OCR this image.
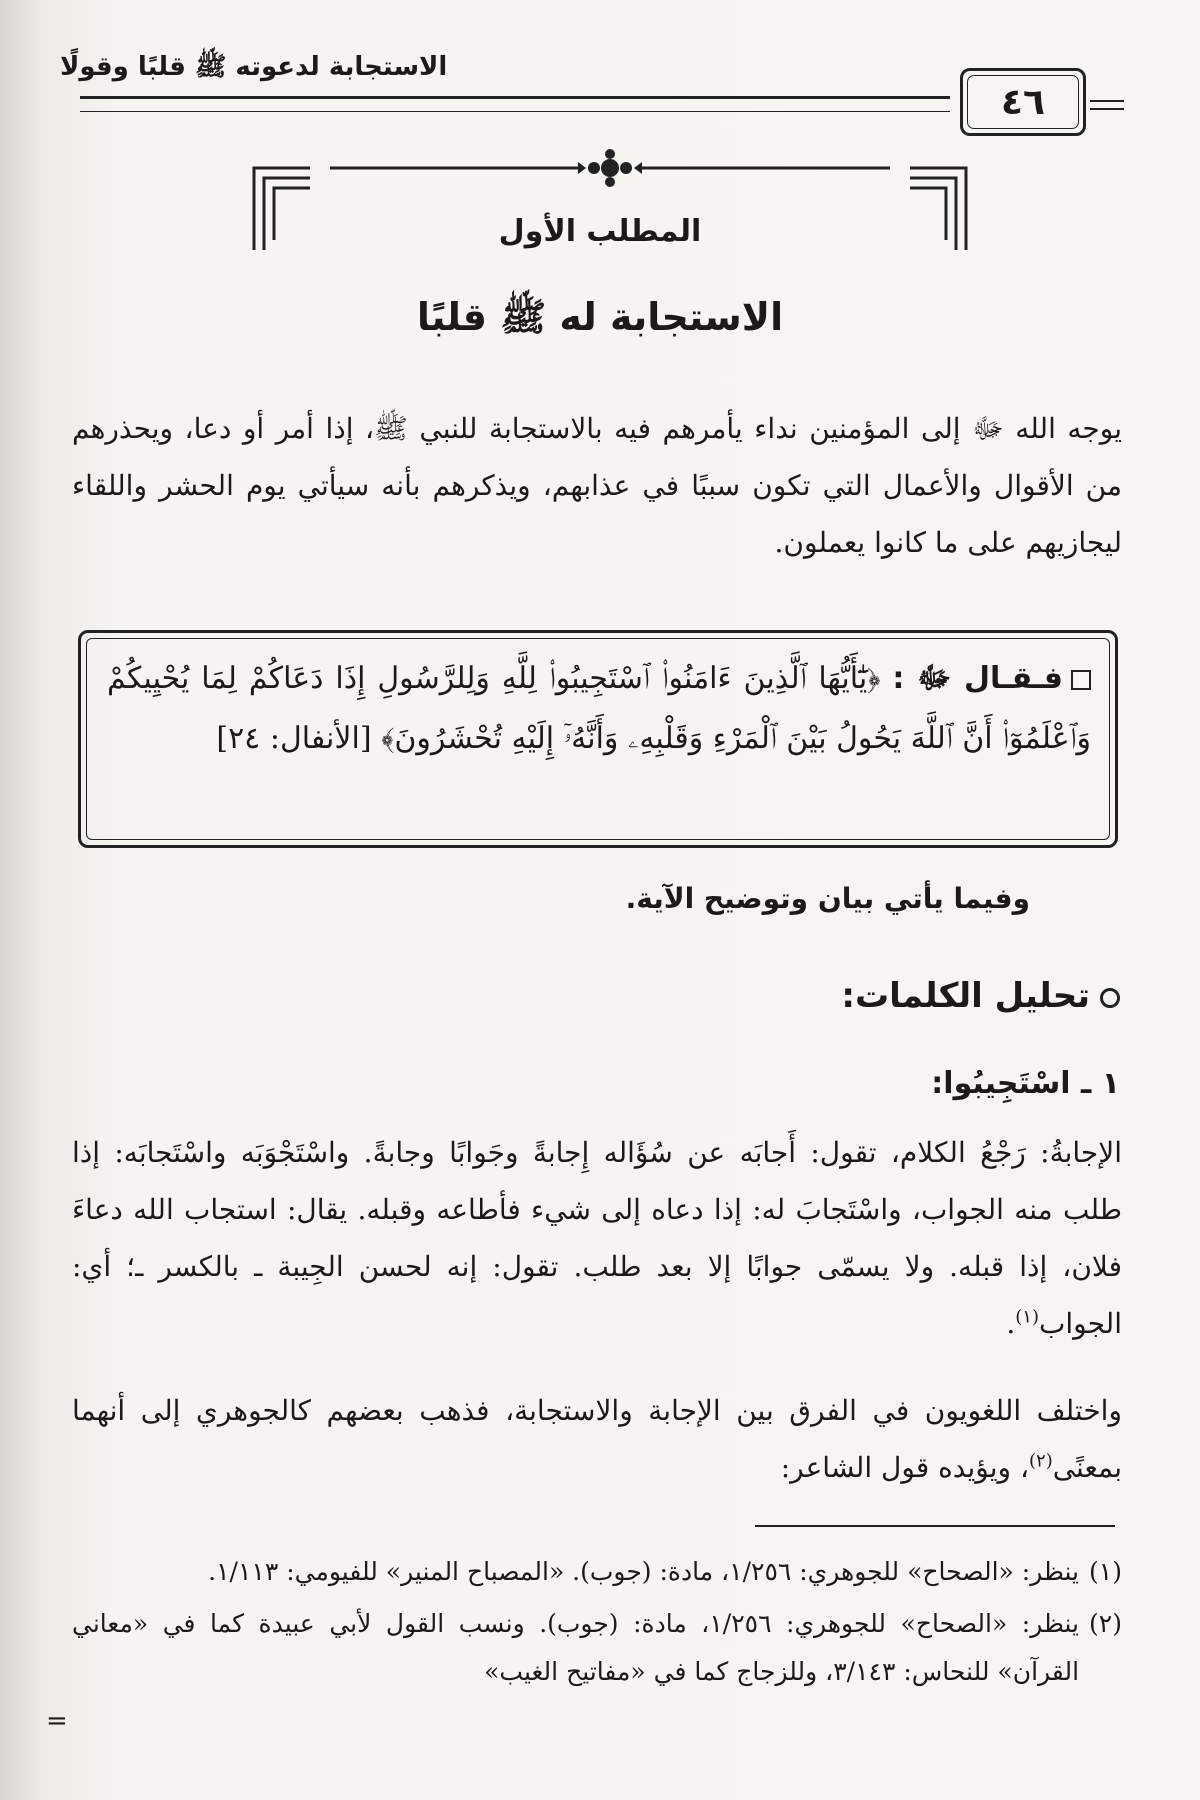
الاستجابة لدعوته ﷺ قلبًا وقولًا
٤٦
المطلب الأول
الاستجابة له ﷺ قلبًا
يوجه الله ﷻ إلى المؤمنين نداء يأمرهم فيه بالاستجابة للنبي ﷺ، إذا أمر أو دعا، ويحذرهم من الأقوال والأعمال التي تكون سببًا في عذابهم، ويذكرهم بأنه سيأتي يوم الحشر واللقاء ليجازيهم على ما كانوا يعملون.
فـقـال ﷻ : ﴿يَٰٓأَيُّهَا ٱلَّذِينَ ءَامَنُوا۟ ٱسْتَجِيبُوا۟ لِلَّهِ وَلِلرَّسُولِ إِذَا دَعَاكُمْ لِمَا يُحْيِيكُمْ وَٱعْلَمُوٓا۟ أَنَّ ٱللَّهَ يَحُولُ بَيْنَ ٱلْمَرْءِ وَقَلْبِهِۦ وَأَنَّهُۥٓ إِلَيْهِ تُحْشَرُونَ﴾ [الأنفال: ٢٤]
وفيما يأتي بيان وتوضيح الآية.
تحليل الكلمات:
١ ـ اسْتَجِيبُوا:
الإجابةُ: رَجْعُ الكلام، تقول: أَجابَه عن سُؤَاله إِجابةً وجَوابًا وجابةً. واسْتَجْوَبَه واسْتَجابَه: إذا طلب منه الجواب، واسْتَجابَ له: إذا دعاه إلى شيء فأطاعه وقبله. يقال: استجاب الله دعاءَ فلان، إذا قبله. ولا يسمّى جوابًا إلا بعد طلب. تقول: إنه لحسن الجِيبة ـ بالكسر ـ؛ أي: الجواب$^{(١)}$.
واختلف اللغويون في الفرق بين الإجابة والاستجابة، فذهب بعضهم كالجوهري إلى أنهما بمعنًى$^{(٢)}$، ويؤيده قول الشاعر:
(١)
ينظر: «الصحاح» للجوهري: ١/٢٥٦، مادة: (جوب). «المصباح المنير» للفيومي: ١/١١٣.
(٢)
ينظر: «الصحاح» للجوهري: ١/٢٥٦، مادة: (جوب). ونسب القول لأبي عبيدة كما في «معاني القرآن» للنحاس: ٣/١٤٣، وللزجاج كما في «مفاتيح الغيب»
=
